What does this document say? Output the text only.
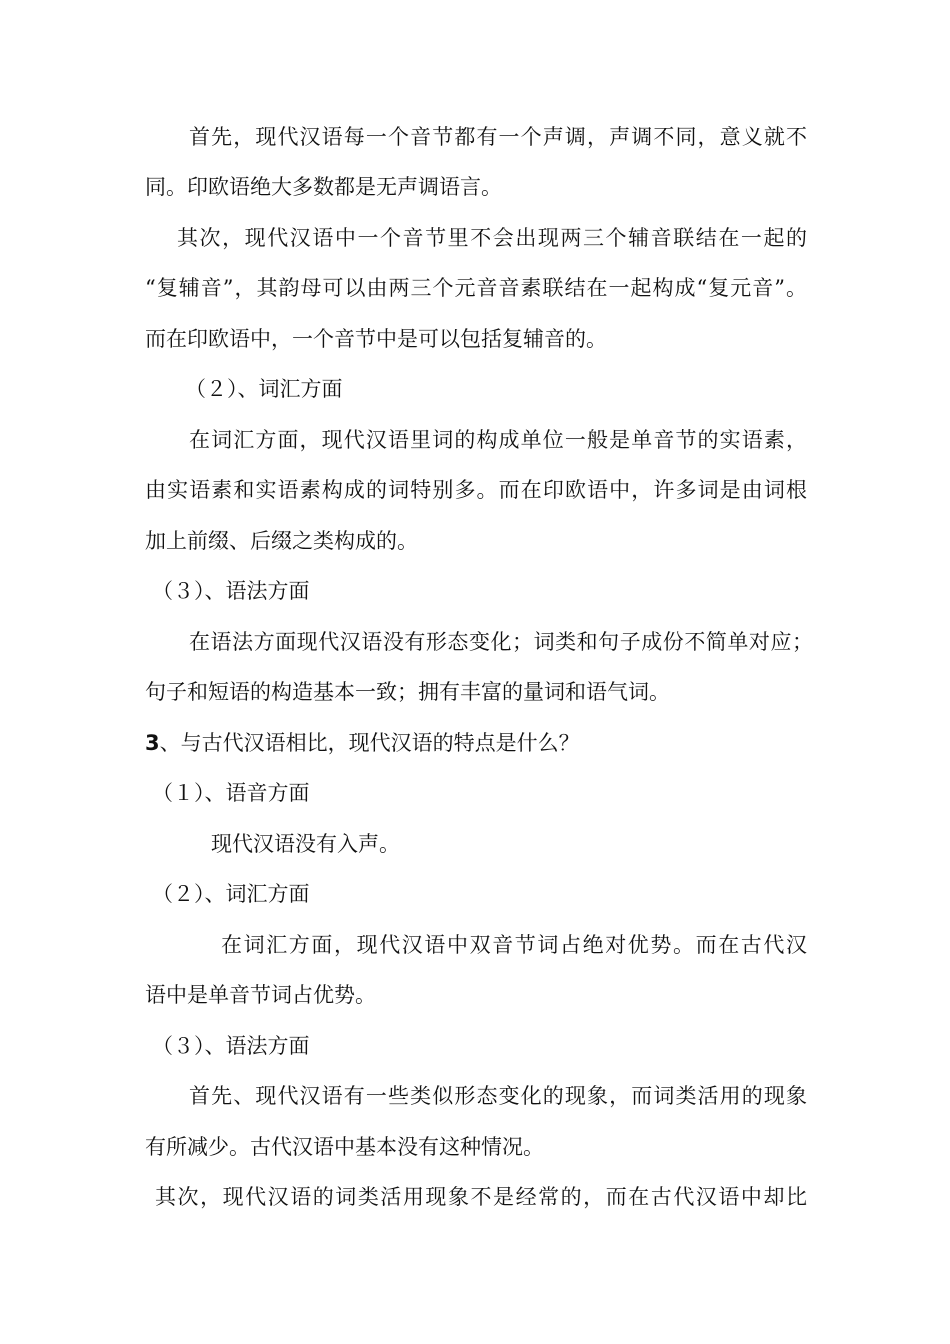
首先，现代汉语每一个音节都有一个声调，声调不同，意义就不

同。印欧语绝大多数都是无声调语言。

其次，现代汉语中一个音节里不会出现两三个辅音联结在一起的

“复辅音”，其韵母可以由两三个元音音素联结在一起构成“复元音”。

而在印欧语中，一个音节中是可以包括复辅音的。

（２）、词汇方面

在词汇方面，现代汉语里词的构成单位一般是单音节的实语素，

由实语素和实语素构成的词特别多。而在印欧语中，许多词是由词根

加上前缀、后缀之类构成的。

（３）、语法方面

在语法方面现代汉语没有形态变化；词类和句子成份不简单对应；

句子和短语的构造基本一致；拥有丰富的量词和语气词。

3、与古代汉语相比，现代汉语的特点是什么？

（１）、语音方面

现代汉语没有入声。

（２）、词汇方面

在词汇方面，现代汉语中双音节词占绝对优势。而在古代汉

语中是单音节词占优势。

（３）、语法方面

首先、现代汉语有一些类似形态变化的现象，而词类活用的现象

有所减少。古代汉语中基本没有这种情况。

其次，现代汉语的词类活用现象不是经常的，而在古代汉语中却比
